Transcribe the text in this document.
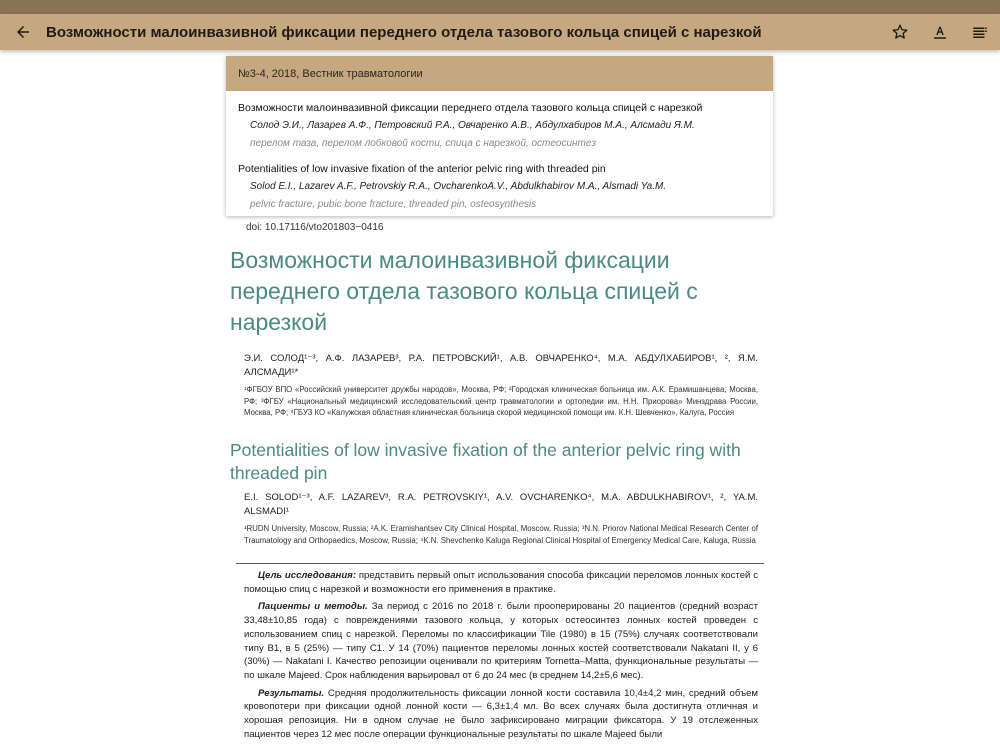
Возможности малоинвазивной фиксации переднего отдела тазового кольца спицей с нарезкой
№3-4, 2018, Вестник травматологии
Возможности малоинвазивной фиксации переднего отдела тазового кольца спицей с нарезкой
Солод Э.И., Лазарев А.Ф., Петровский Р.А., Овчаренко А.В., Абдулхабиров М.А., Алсмади Я.М.
перелом таза, перелом лобковой кости, спица с нарезкой, остеосинтез
Potentialities of low invasive fixation of the anterior pelvic ring with threaded pin
Solod E.I., Lazarev A.F., Petrovskiy R.A., OvcharenkoA.V., Abdulkhabirov M.A., Alsmadi Ya.M.
pelvic fracture, pubic bone fracture, threaded pin, osteosynthesis
doi: 10.17116/vto201803−0416
Возможности малоинвазивной фиксации переднего отдела тазового кольца спицей с нарезкой
Э.И. СОЛОД¹⁻³, А.Ф. ЛАЗАРЕВ³, Р.А. ПЕТРОВСКИЙ¹, А.В. ОВЧАРЕНКО⁴, М.А. АБДУЛХАБИРОВ¹, ², Я.М. АЛСМАДИ¹*
¹ФГБОУ ВПО «Российский университет дружбы народов», Москва, РФ; ²Городская клиническая больница им. А.К. Ерамишанцева, Москва, РФ; ³ФГБУ «Национальный медицинский исследовательский центр травматологии и ортопедии им. Н.Н. Приорова» Минздрава России, Москва, РФ; ⁴ГБУЗ КО «Калужская областная клиническая больница скорой медицинской помощи им. К.Н. Шевченко», Калуга, Россия
Potentialities of low invasive fixation of the anterior pelvic ring with threaded pin
E.I. SOLOD¹⁻³, A.F. LAZAREV³, R.A. PETROVSKIY¹, A.V. OVCHARENKO⁴, M.A. ABDULKHABIROV¹, ², YA.M. ALSMADI¹
¹RUDN University, Moscow, Russia; ²A.K. Eramishantsev City Clinical Hospital, Moscow, Russia; ³N.N. Priorov National Medical Research Center of Traumatology and Orthopaedics, Moscow, Russia; ⁴K.N. Shevchenko Kaluga Regional Clinical Hospital of Emergency Medical Care, Kaluga, Russia

Цель исследования: представить первый опыт использования способа фиксации переломов лонных костей с помощью спиц с нарезкой и возможности его применения в практике.

Пациенты и методы. За период с 2016 по 2018 г. были прооперированы 20 пациентов (средний возраст 33,48±10,85 года) с повреждениями тазового кольца, у которых остеосинтез лонных костей проведен с использованием спиц с нарезкой. Переломы по классификации Tile (1980) в 15 (75%) случаях соответствовали типу B1, в 5 (25%) — типу C1. У 14 (70%) пациентов переломы лонных костей соответствовали Nakatani II, у 6 (30%) — Nakatani I. Качество репозиции оценивали по критериям Tornetta–Matta, функциональные результаты — по шкале Majeed. Срок наблюдения варьировал от 6 до 24 мес (в среднем 14,2±5,6 мес).

Результаты. Средняя продолжительность фиксации лонной кости составила 10,4±4,2 мин, средний объем кровопотери при фиксации одной лонной кости — 6,3±1,4 мл. Во всех случаях была достигнута отличная и хорошая репозиция. Ни в одном случае не было зафиксировано миграции фиксатора. У 19 отслеженных пациентов через 12 мес после операции функциональные результаты по шкале Majeed были
